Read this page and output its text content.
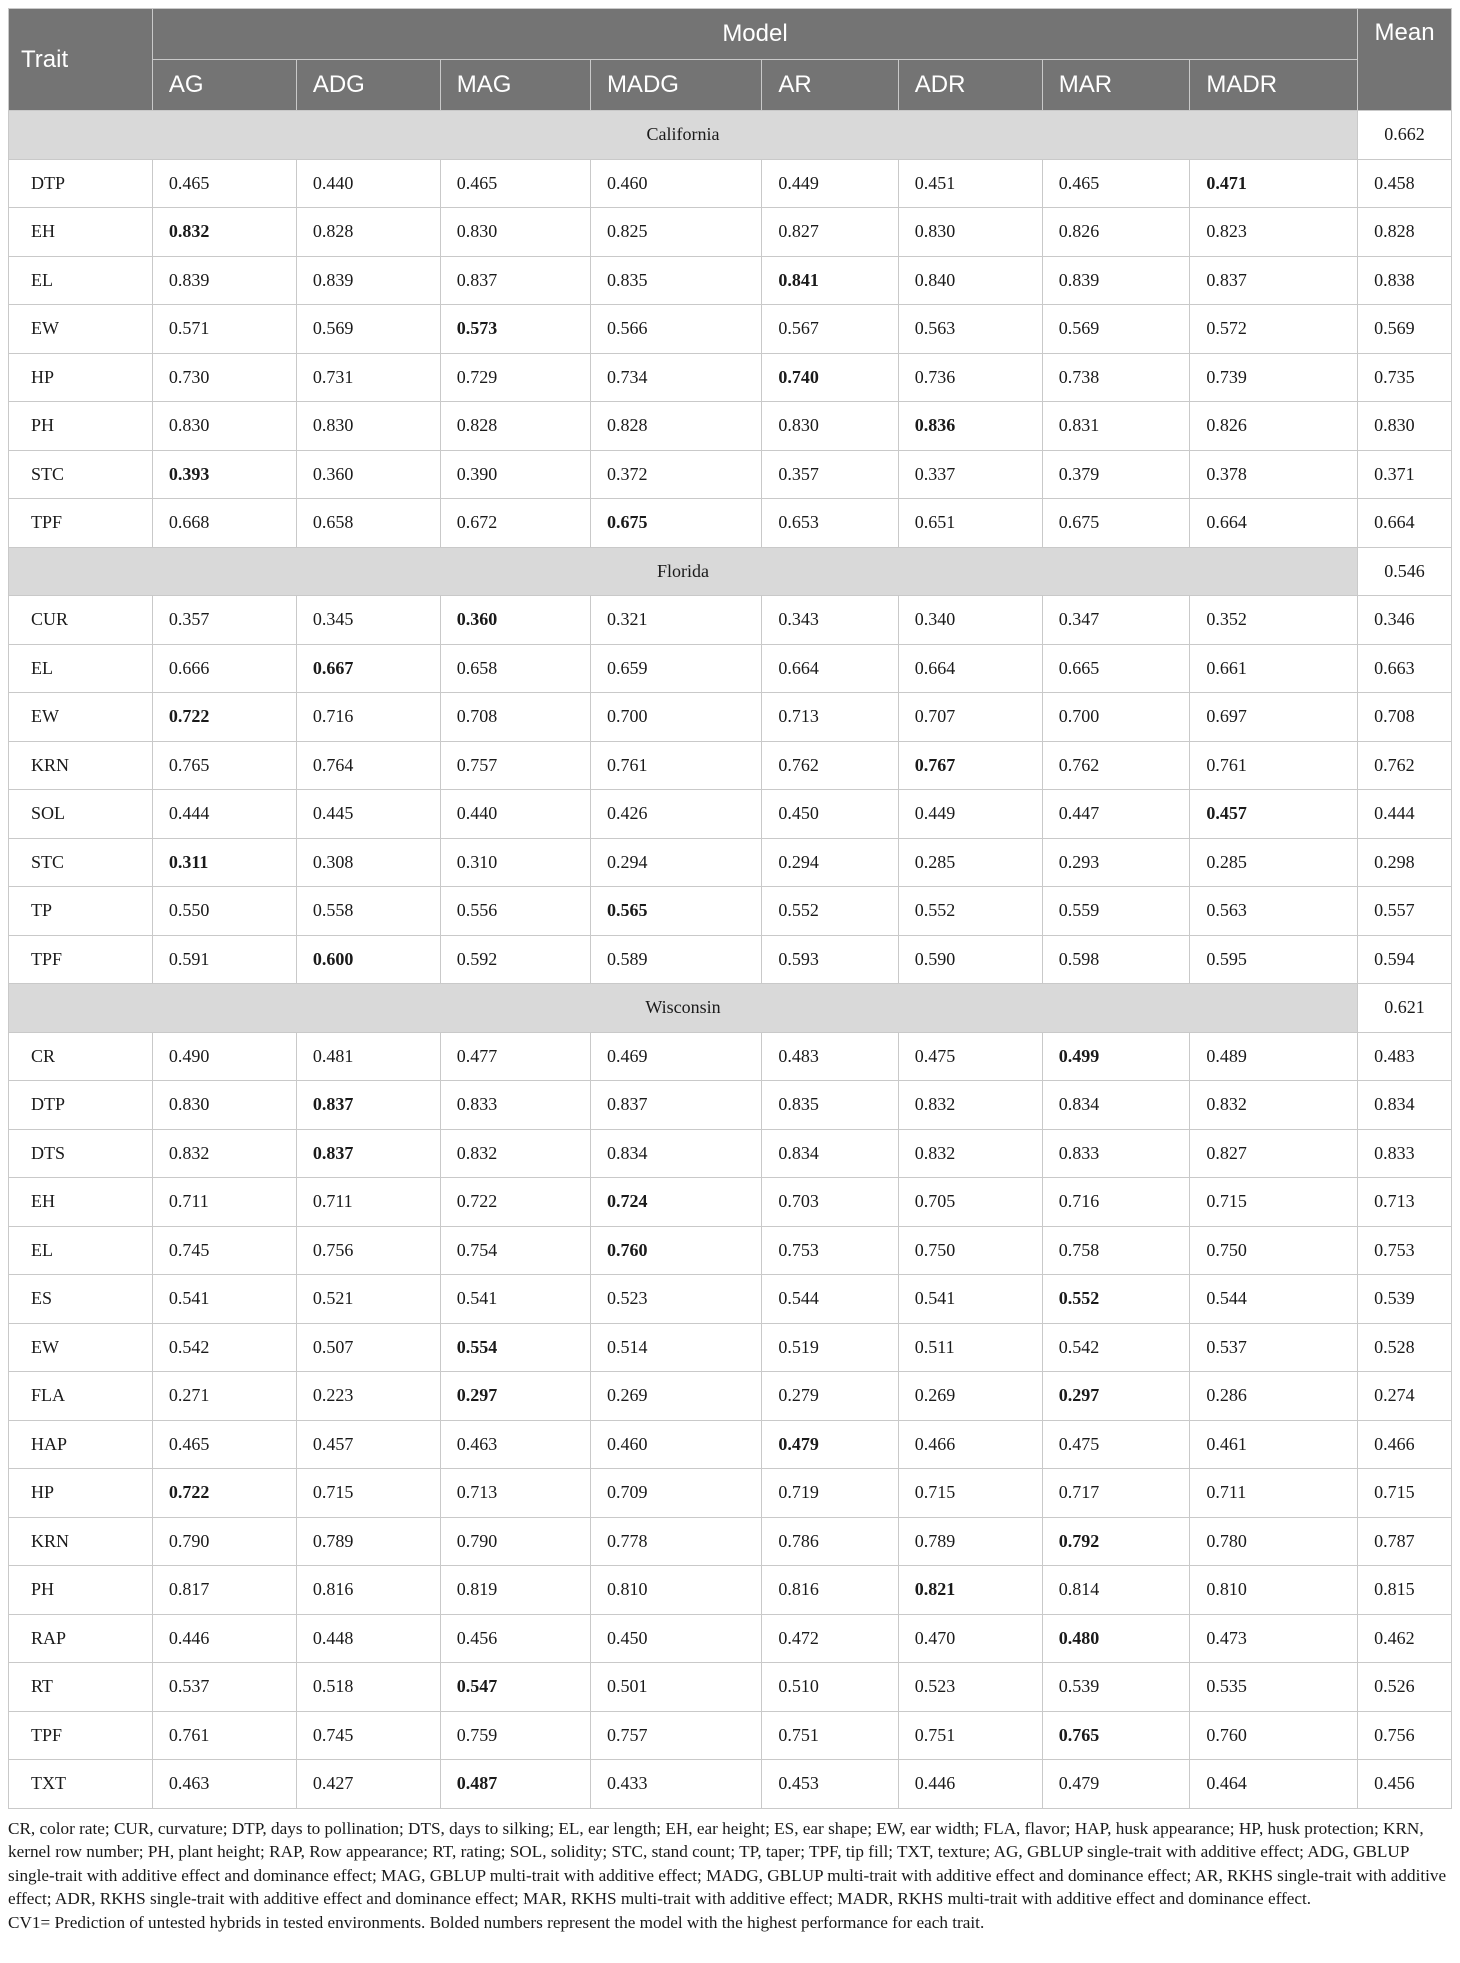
Trait	Model								Mean
	AG	ADG	MAG	MADG	AR	ADR	MAR	MADR	
California									0.662
DTP	0.465	0.440	0.465	0.460	0.449	0.451	0.465	0.471	0.458
EH	0.832	0.828	0.830	0.825	0.827	0.830	0.826	0.823	0.828
EL	0.839	0.839	0.837	0.835	0.841	0.840	0.839	0.837	0.838
EW	0.571	0.569	0.573	0.566	0.567	0.563	0.569	0.572	0.569
HP	0.730	0.731	0.729	0.734	0.740	0.736	0.738	0.739	0.735
PH	0.830	0.830	0.828	0.828	0.830	0.836	0.831	0.826	0.830
STC	0.393	0.360	0.390	0.372	0.357	0.337	0.379	0.378	0.371
TPF	0.668	0.658	0.672	0.675	0.653	0.651	0.675	0.664	0.664
Florida									0.546
CUR	0.357	0.345	0.360	0.321	0.343	0.340	0.347	0.352	0.346
EL	0.666	0.667	0.658	0.659	0.664	0.664	0.665	0.661	0.663
EW	0.722	0.716	0.708	0.700	0.713	0.707	0.700	0.697	0.708
KRN	0.765	0.764	0.757	0.761	0.762	0.767	0.762	0.761	0.762
SOL	0.444	0.445	0.440	0.426	0.450	0.449	0.447	0.457	0.444
STC	0.311	0.308	0.310	0.294	0.294	0.285	0.293	0.285	0.298
TP	0.550	0.558	0.556	0.565	0.552	0.552	0.559	0.563	0.557
TPF	0.591	0.600	0.592	0.589	0.593	0.590	0.598	0.595	0.594
Wisconsin									0.621
CR	0.490	0.481	0.477	0.469	0.483	0.475	0.499	0.489	0.483
DTP	0.830	0.837	0.833	0.837	0.835	0.832	0.834	0.832	0.834
DTS	0.832	0.837	0.832	0.834	0.834	0.832	0.833	0.827	0.833
EH	0.711	0.711	0.722	0.724	0.703	0.705	0.716	0.715	0.713
EL	0.745	0.756	0.754	0.760	0.753	0.750	0.758	0.750	0.753
ES	0.541	0.521	0.541	0.523	0.544	0.541	0.552	0.544	0.539
EW	0.542	0.507	0.554	0.514	0.519	0.511	0.542	0.537	0.528
FLA	0.271	0.223	0.297	0.269	0.279	0.269	0.297	0.286	0.274
HAP	0.465	0.457	0.463	0.460	0.479	0.466	0.475	0.461	0.466
HP	0.722	0.715	0.713	0.709	0.719	0.715	0.717	0.711	0.715
KRN	0.790	0.789	0.790	0.778	0.786	0.789	0.792	0.780	0.787
PH	0.817	0.816	0.819	0.810	0.816	0.821	0.814	0.810	0.815
RAP	0.446	0.448	0.456	0.450	0.472	0.470	0.480	0.473	0.462
RT	0.537	0.518	0.547	0.501	0.510	0.523	0.539	0.535	0.526
TPF	0.761	0.745	0.759	0.757	0.751	0.751	0.765	0.760	0.756
TXT	0.463	0.427	0.487	0.433	0.453	0.446	0.479	0.464	0.456

CR, color rate; CUR, curvature; DTP, days to pollination; DTS, days to silking; EL, ear length; EH, ear height; ES, ear shape; EW, ear width; FLA, flavor; HAP, husk appearance; HP, husk protection; KRN, kernel row number; PH, plant height; RAP, Row appearance; RT, rating; SOL, solidity; STC, stand count; TP, taper; TPF, tip fill; TXT, texture; AG, GBLUP single-trait with additive effect; ADG, GBLUP single-trait with additive effect and dominance effect; MAG, GBLUP multi-trait with additive effect; MADG, GBLUP multi-trait with additive effect and dominance effect; AR, RKHS single-trait with additive effect; ADR, RKHS single-trait with additive effect and dominance effect; MAR, RKHS multi-trait with additive effect; MADR, RKHS multi-trait with additive effect and dominance effect.

CV1= Prediction of untested hybrids in tested environments. Bolded numbers represent the model with the highest performance for each trait.
